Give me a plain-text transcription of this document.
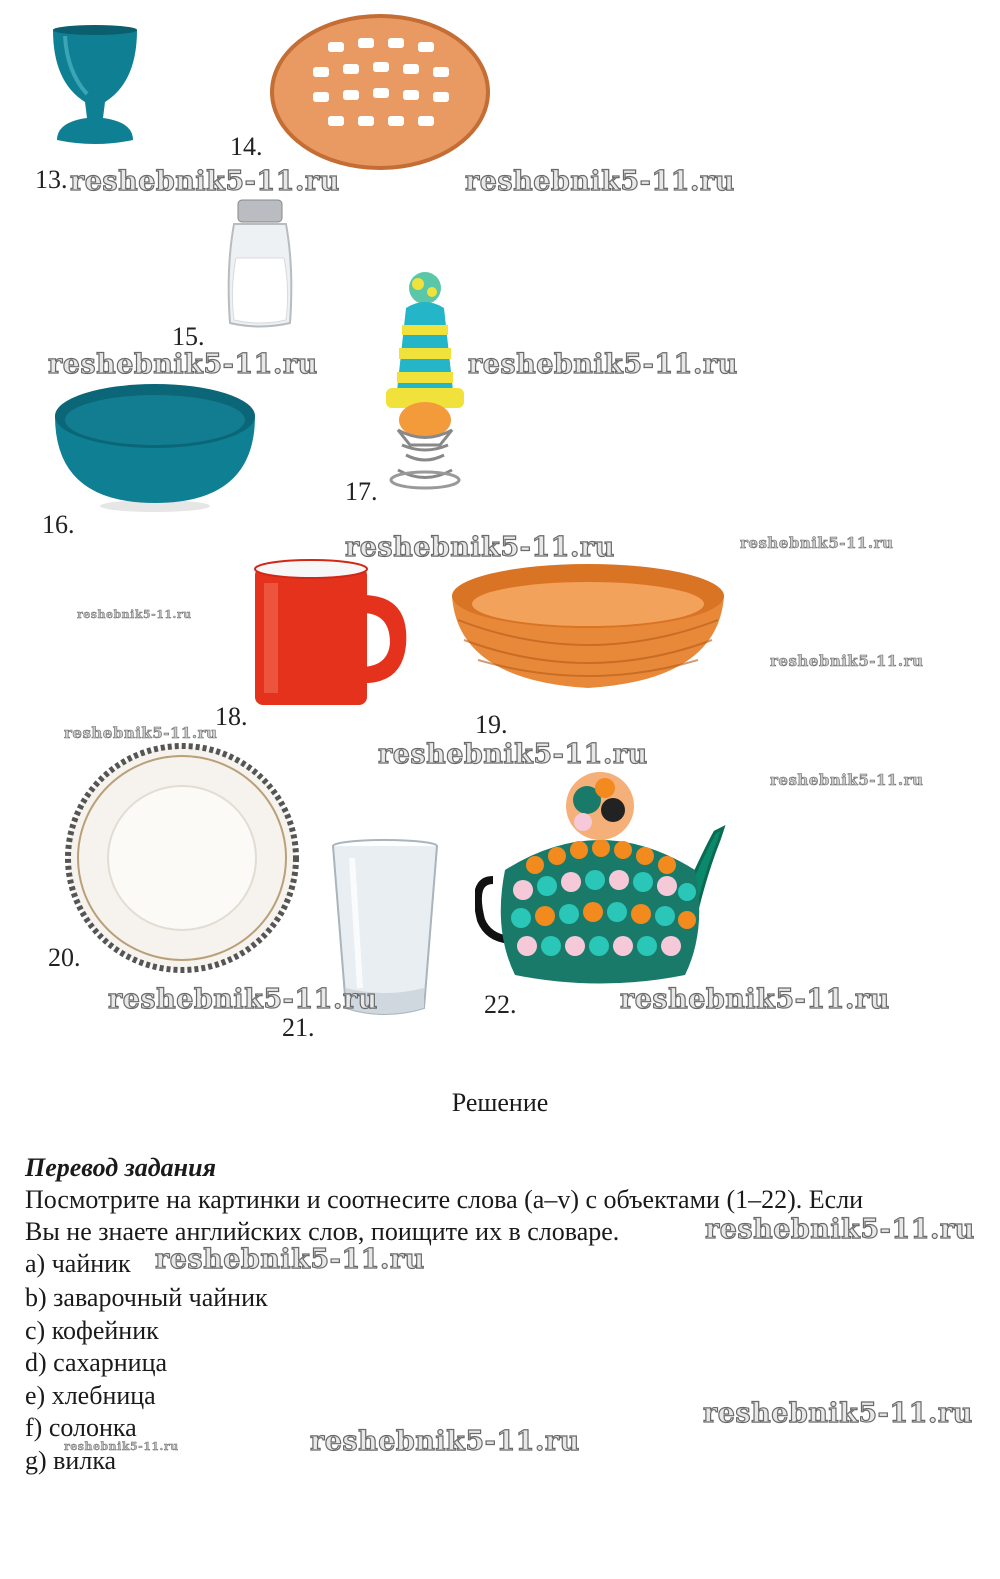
13.
14.
15.
16.
17.
18.	19.
20.
21.
22.
reshebnik5-11.ru	reshebnik5-11.ru
reshebnik5-11.ru	reshebnik5-11.ru
reshebnik5-11.ru	reshebnik5-11.ru
reshebnik5-11.ru
reshebnik5-11.ru
reshebnik5-11.ru
reshebnik5-11.ru
reshebnik5-11.ru
reshebnik5-11.ru	reshebnik5-11.ru
reshebnik5-11.ru
reshebnik5-11.ru
reshebnik5-11.ru
reshebnik5-11.ru
reshebnik5-11.ru
Решение
Перевод задания
Посмотрите на картинки и соотнесите слова (a–v) с объектами (1–22). Если
Вы не знаете английских слов, поищите их в словаре.
a) чайник
b) заварочный чайник
c) кофейник
d) сахарница
e) хлебница
f) солонка
g) вилка
